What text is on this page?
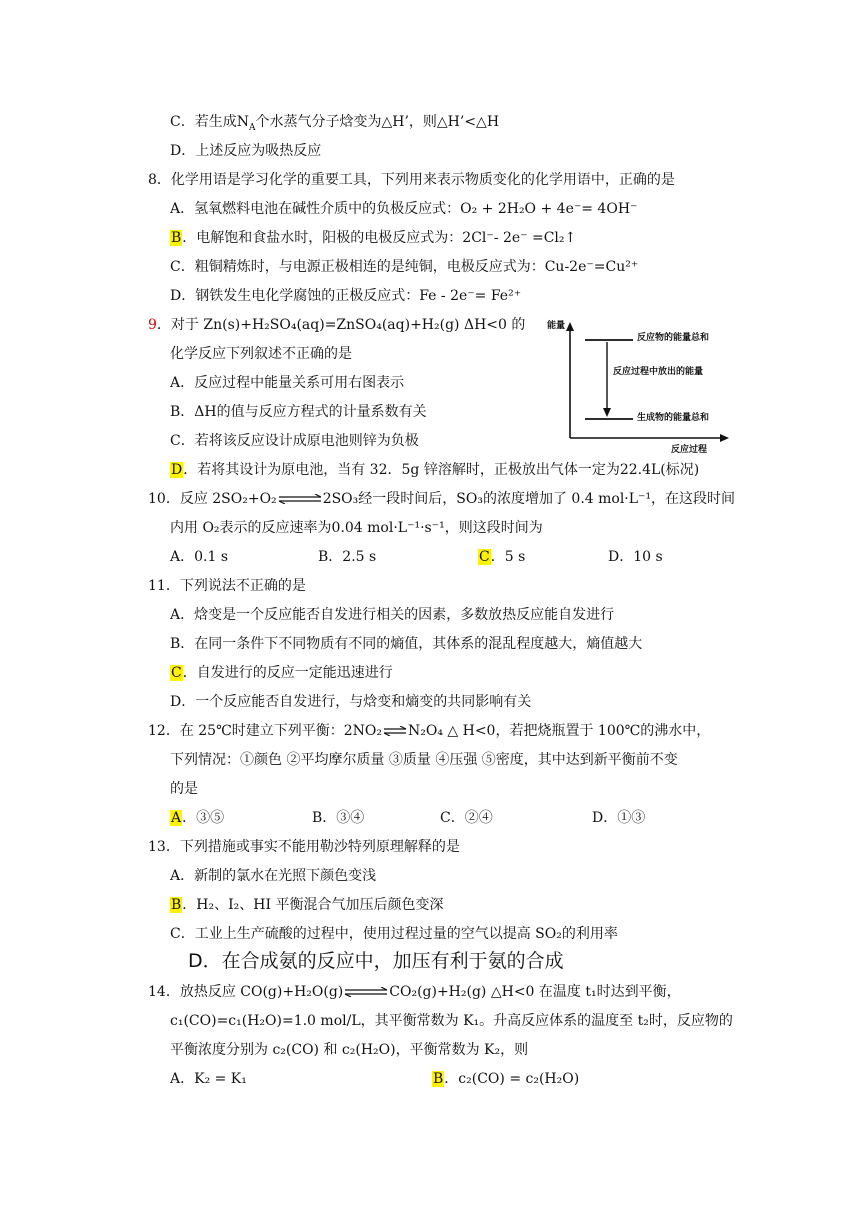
C．若生成$N_A$个水蒸气分子焓变为△H’，则△H’<△H
D．上述反应为吸热反应
8．化学用语是学习化学的重要工具，下列用来表示物质变化的化学用语中，正确的是
A．氢氧燃料电池在碱性介质中的负极反应式：O₂ + 2H₂O + 4e⁻= 4OH⁻
B．电解饱和食盐水时，阳极的电极反应式为：2Cl⁻- 2e⁻ =Cl₂↑
C．粗铜精炼时，与电源正极相连的是纯铜，电极反应式为：Cu-2e⁻=Cu²⁺
D．钢铁发生电化学腐蚀的正极反应式：Fe - 2e⁻= Fe²⁺
9．对于 Zn(s)+H₂SO₄(aq)=ZnSO₄(aq)+H₂(g) ΔH<0 的
化学反应下列叙述不正确的是
A．反应过程中能量关系可用右图表示
B．ΔH的值与反应方程式的计量系数有关
C．若将该反应设计成原电池则锌为负极
D．若将其设计为原电池，当有 32．5g 锌溶解时，正极放出气体一定为22.4L(标况)
能量
反应物的能量总和
反应过程中放出的能量
生成物的能量总和
反应过程
10．反应 2SO₂+O₂⇌2SO₃经一段时间后，SO₃的浓度增加了 0.4 mol·L⁻¹，在这段时间
内用 O₂表示的反应速率为0.04 mol·L⁻¹·s⁻¹，则这段时间为
A．0.1 s	B．2.5 s	C．5 s	D．10 s
11．下列说法不正确的是
A．焓变是一个反应能否自发进行相关的因素，多数放热反应能自发进行
B．在同一条件下不同物质有不同的熵值，其体系的混乱程度越大，熵值越大
C．自发进行的反应一定能迅速进行
D．一个反应能否自发进行，与焓变和熵变的共同影响有关
12．在 25℃时建立下列平衡：2NO₂⇌N₂O₄ △ H<0，若把烧瓶置于 100℃的沸水中，
下列情况：①颜色 ②平均摩尔质量 ③质量 ④压强 ⑤密度，其中达到新平衡前不变
的是
A．③⑤	B．③④	C．②④	D．①③
13．下列措施或事实不能用勒沙特列原理解释的是
A．新制的氯水在光照下颜色变浅
B．H₂、I₂、HI 平衡混合气加压后颜色变深
C．工业上生产硫酸的过程中，使用过程过量的空气以提高 SO₂的利用率
D．在合成氨的反应中，加压有利于氨的合成
14．放热反应 CO(g)+H₂O(g)⇌CO₂(g)+H₂(g) △H<0 在温度 t₁时达到平衡，
c₁(CO)=c₁(H₂O)=1.0 mol/L，其平衡常数为 K₁。升高反应体系的温度至 t₂时，反应物的
平衡浓度分别为 c₂(CO) 和 c₂(H₂O)，平衡常数为 K₂，则
A．K₂ = K₁	B．c₂(CO) = c₂(H₂O)
